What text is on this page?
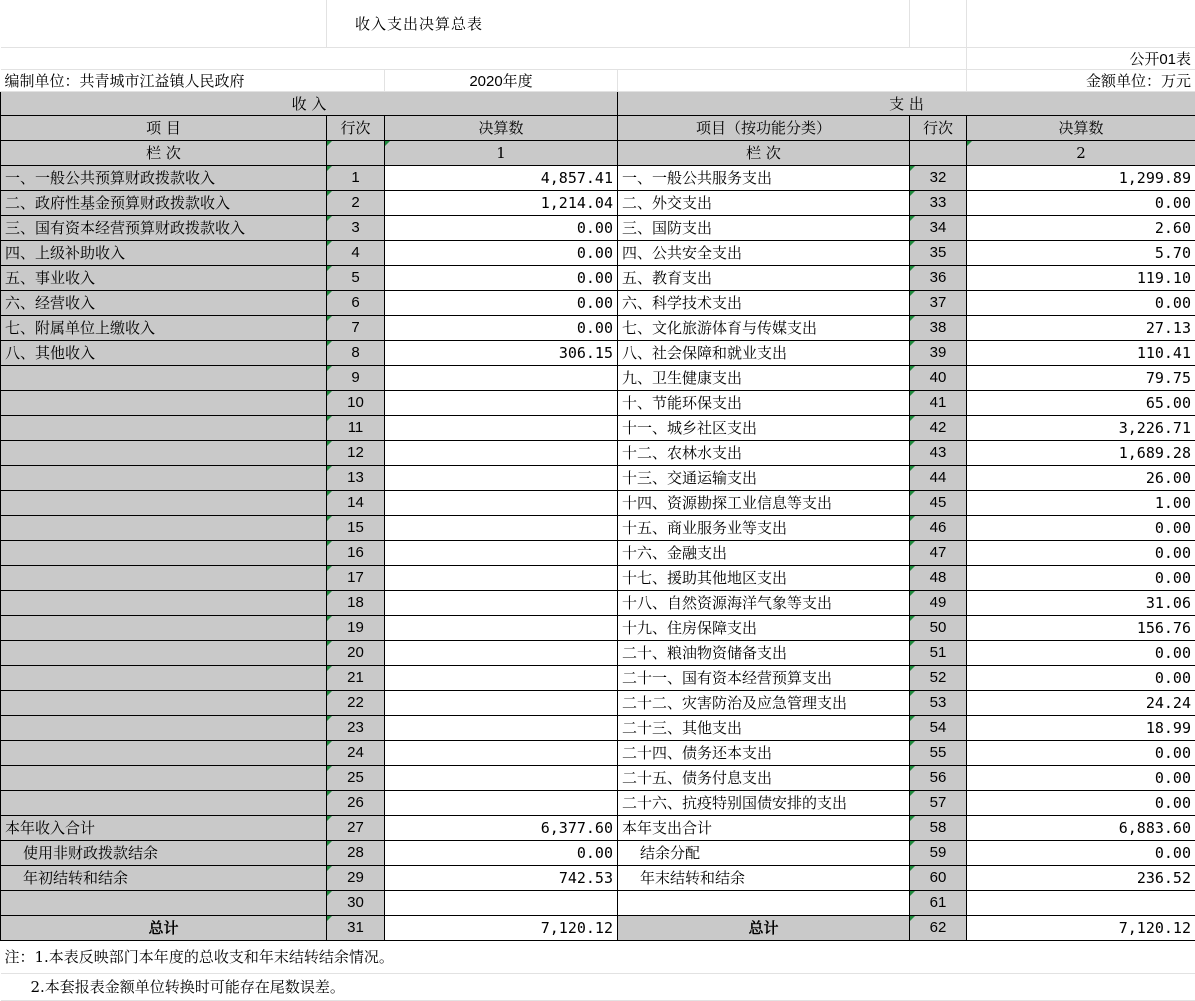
	收入支出决算总表				
					公开01表
编制单位：共青城市江益镇人民政府		2020年度			金额单位：万元
收 入			支 出		
项 目	行次	决算数	项目（按功能分类）	行次	决算数
栏 次		1	栏 次		2
一、一般公共预算财政拨款收入	1	4,857.41	一、一般公共服务支出	32	1,299.89
二、政府性基金预算财政拨款收入	2	1,214.04	二、外交支出	33	0.00
三、国有资本经营预算财政拨款收入	3	0.00	三、国防支出	34	2.60
四、上级补助收入	4	0.00	四、公共安全支出	35	5.70
五、事业收入	5	0.00	五、教育支出	36	119.10
六、经营收入	6	0.00	六、科学技术支出	37	0.00
七、附属单位上缴收入	7	0.00	七、文化旅游体育与传媒支出	38	27.13
八、其他收入	8	306.15	八、社会保障和就业支出	39	110.41
	9		九、卫生健康支出	40	79.75
	10		十、节能环保支出	41	65.00
	11		十一、城乡社区支出	42	3,226.71
	12		十二、农林水支出	43	1,689.28
	13		十三、交通运输支出	44	26.00
	14		十四、资源勘探工业信息等支出	45	1.00
	15		十五、商业服务业等支出	46	0.00
	16		十六、金融支出	47	0.00
	17		十七、援助其他地区支出	48	0.00
	18		十八、自然资源海洋气象等支出	49	31.06
	19		十九、住房保障支出	50	156.76
	20		二十、粮油物资储备支出	51	0.00
	21		二十一、国有资本经营预算支出	52	0.00
	22		二十二、灾害防治及应急管理支出	53	24.24
	23		二十三、其他支出	54	18.99
	24		二十四、债务还本支出	55	0.00
	25		二十五、债务付息支出	56	0.00
	26		二十六、抗疫特别国债安排的支出	57	0.00
本年收入合计	27	6,377.60	本年支出合计	58	6,883.60
使用非财政拨款结余	28	0.00	结余分配	59	0.00
年初结转和结余	29	742.53	年末结转和结余	60	236.52
	30			61	
总计	31	7,120.12	总计	62	7,120.12
注：1.本表反映部门本年度的总收支和年末结转结余情况。					
2.本套报表金额单位转换时可能存在尾数误差。					
